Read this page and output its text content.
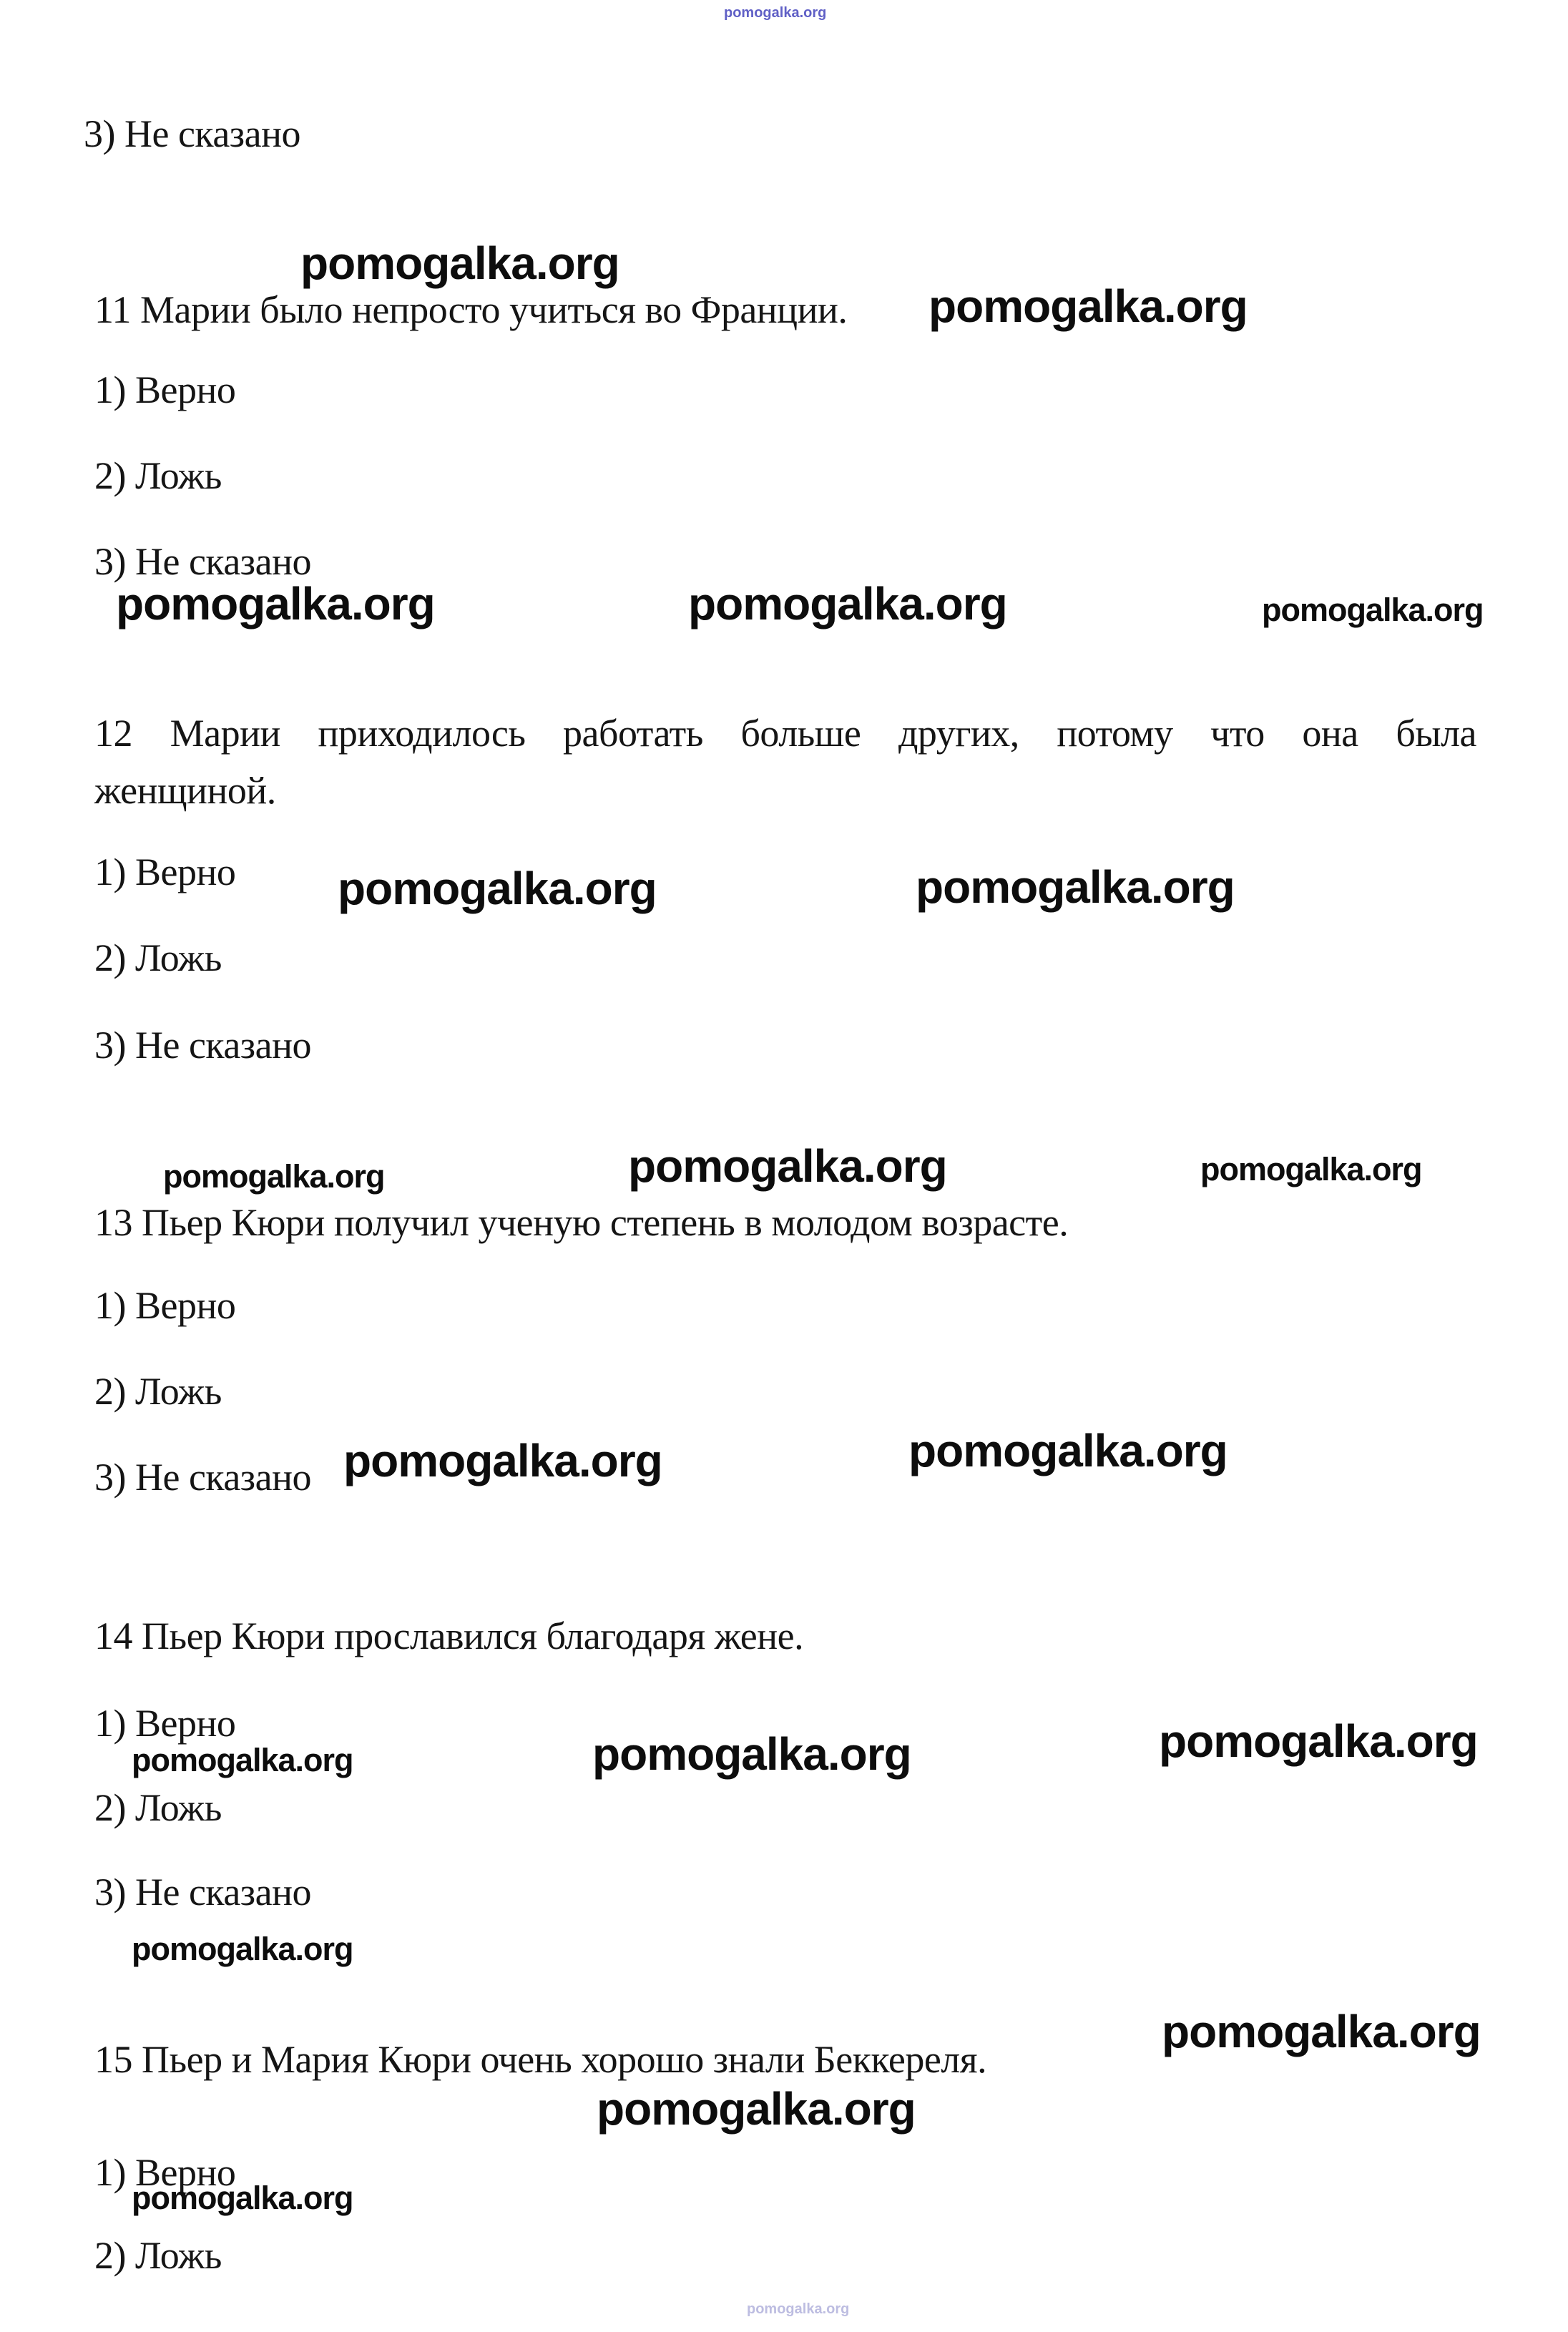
pomogalka.org
3) Не сказано
pomogalka.org
pomogalka.org
11 Марии было непросто учиться во Франции.
1) Верно
2) Ложь
3) Не сказано
pomogalka.org	pomogalka.org	pomogalka.org
12 Марии приходилось работать больше других, потому что она была
женщиной.
1) Верно pomogalka.org	pomogalka.org
2) Ложь
3) Не сказано
pomogalka.org	pomogalka.org	pomogalka.org
13 Пьер Кюри получил ученую степень в молодом возрасте.
1) Верно
2) Ложь
3) Не сказано pomogalka.org	pomogalka.org
14 Пьер Кюри прославился благодаря жене.
1) Верно
pomogalka.org	pomogalka.org	pomogalka.org
2) Ложь
3) Не сказано
pomogalka.org
pomogalka.org
15 Пьер и Мария Кюри очень хорошо знали Беккереля.
pomogalka.org
1) Верно
pomogalka.org
2) Ложь
pomogalka.org
